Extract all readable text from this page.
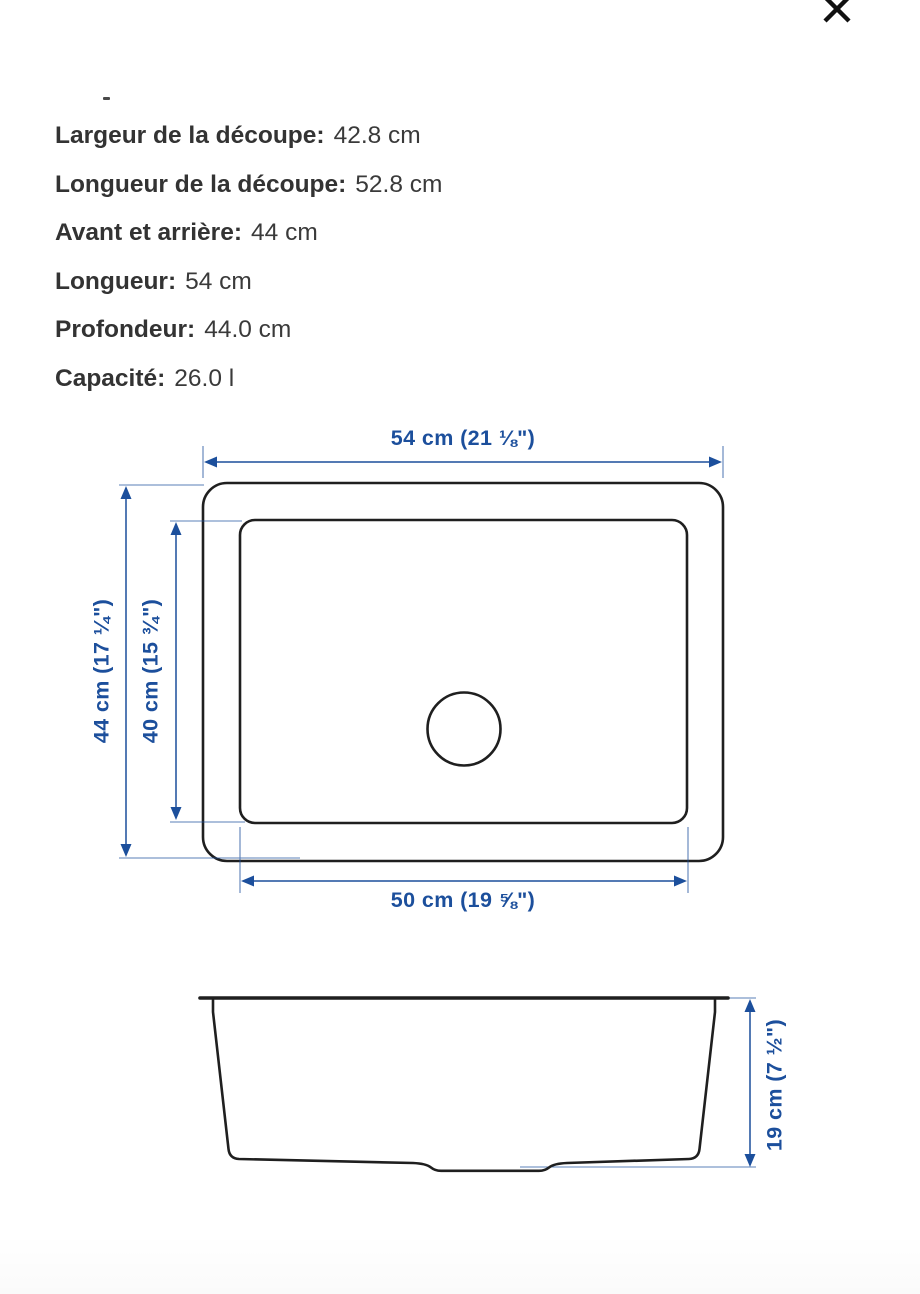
Largeur de la découpe: 42.8 cm
Longueur de la découpe: 52.8 cm
Avant et arrière: 44 cm
Longueur: 54 cm
Profondeur: 44.0 cm
Capacité: 26.0 l
54 cm (21 ⅛")
44 cm (17 ¼") 40 cm (15 ¾")
50 cm (19 ⅝")
19 cm (7 ½")
